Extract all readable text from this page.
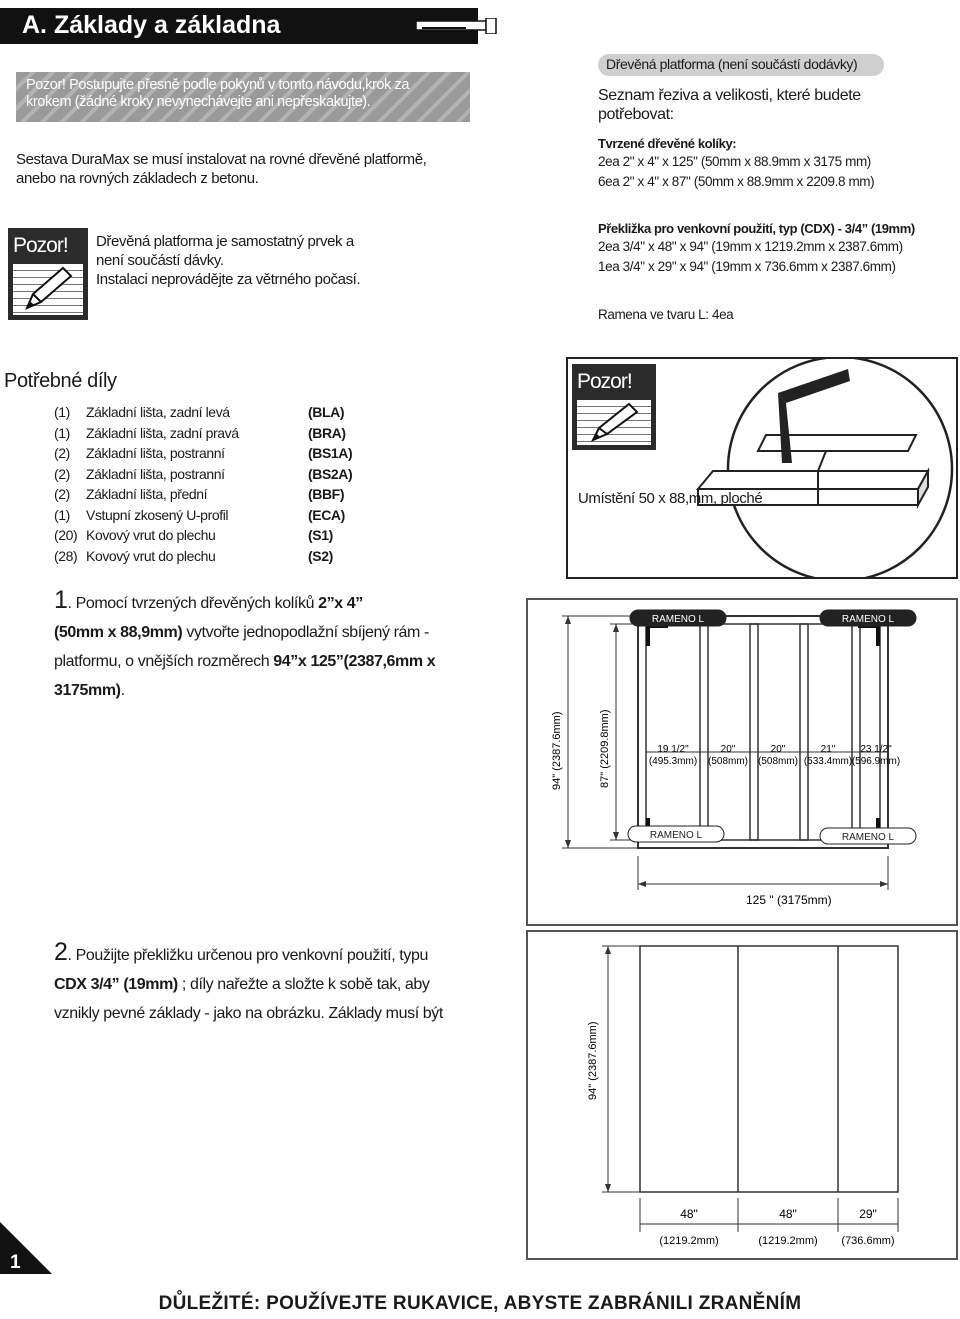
A. Základy a základna
Pozor! Postupujte přesně podle pokynů v tomto návodu,krok za
krokem (žádné kroky nevynechávejte ani nepřeskakujte).
Sestava DuraMax se musí instalovat na rovné dřevěné platformě,
anebo na rovných základech z betonu.
Pozor!	Dřevěná platforma je samostatný prvek a
není součástí dávky.
Instalaci neprovádějte za větrného počasí.
Dřevěná platforma (není součástí dodávky)
Seznam řeziva a velikosti, které budete
potřebovat:
Tvrzené dřevěné kolíky:
2ea 2" x 4" x 125" (50mm x 88.9mm x 3175 mm)
6ea 2" x 4" x 87" (50mm x 88.9mm x 2209.8 mm)
Překližka pro venkovní použití, typ (CDX) - 3/4” (19mm)
2ea 3/4" x 48" x 94" (19mm x 1219.2mm x 2387.6mm)
1ea 3/4" x 29" x 94" (19mm x 736.6mm x 2387.6mm)
Ramena ve tvaru L: 4ea
Potřebné díly
(1) Základní lišta, zadní levá	(BLA)
(1) Základní lišta, zadní pravá	(BRA)
(2) Základní lišta, postranní	(BS1A)
(2) Základní lišta, postranní	(BS2A)
(2) Základní lišta, přední	(BBF)
(1) Vstupní zkosený U-profil	(ECA)
(20) Kovový vrut do plechu	(S1)
(28) Kovový vrut do plechu	(S2)
Pozor!
Umístění 50 x 88,mm, ploché
1. Pomocí tvrzených dřevěných kolíků 2”x 4”
(50mm x 88,9mm) vytvořte jednopodlažní sbíjený rám -
platformu, o vnějších rozměrech 94”x 125”(2387,6mm x
3175mm).
RAMENO L	RAMENO L
RAMENO L	RAMENO L
94" (2387.6mm)	87" (2209.8mm)	19 1/2"
(495.3mm)
20"
(508mm)
20"
(508mm)
21"
(533.4mm)
23 1/2"
(596.9mm)
125 " (3175mm)
2. Použijte překližku určenou pro venkovní použití, typu
CDX 3/4” (19mm) ; díly nařežte a složte k sobě tak, aby
vznikly pevné základy - jako na obrázku. Základy musí být
94" (2387.6mm)
48"
(1219.2mm)
48"
(1219.2mm)
29"
(736.6mm)
1
DŮLEŽITÉ: POUŽÍVEJTE RUKAVICE, ABYSTE ZABRÁNILI ZRANĚNÍM
